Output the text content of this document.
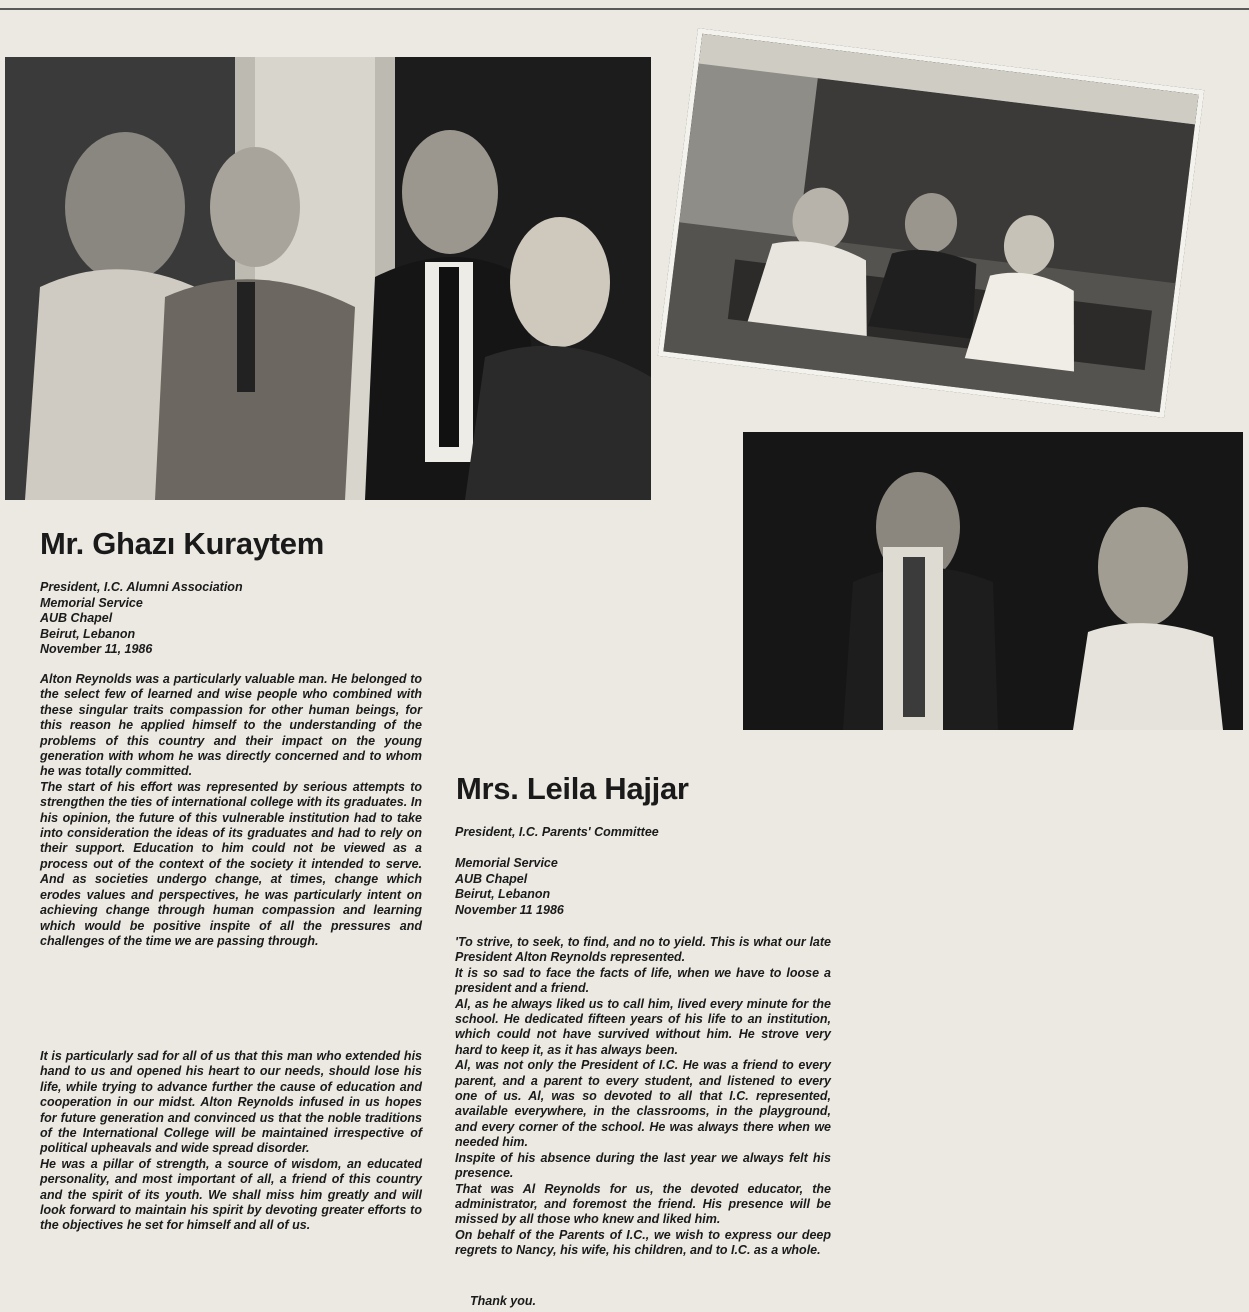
Mr. Ghazı Kuraytem
President, I.C. Alumni Association
Memorial Service
AUB Chapel
Beirut, Lebanon
November 11, 1986

Alton Reynolds was a particularly valuable man. He belonged to the select few of learned and wise people who combined with these singular traits compassion for other human beings, for this reason he applied himself to the understanding of the problems of this country and their impact on the young generation with whom he was directly concerned and to whom he was totally committed.

The start of his effort was represented by serious attempts to strengthen the ties of international college with its graduates. In his opinion, the future of this vulnerable institution had to take into consideration the ideas of its graduates and had to rely on their support. Education to him could not be viewed as a process out of the context of the society it intended to serve. And as societies undergo change, at times, change which erodes values and perspectives, he was particularly intent on achieving change through human compassion and learning which would be positive inspite of all the pressures and challenges of the time we are passing through.

It is particularly sad for all of us that this man who extended his hand to us and opened his heart to our needs, should lose his life, while trying to advance further the cause of education and cooperation in our midst. Alton Reynolds infused in us hopes for future generation and convinced us that the noble traditions of the International College will be maintained irrespective of political upheavals and wide spread disorder.

He was a pillar of strength, a source of wisdom, an educated personality, and most important of all, a friend of this country and the spirit of its youth. We shall miss him greatly and will look forward to maintain his spirit by devoting greater efforts to the objectives he set for himself and all of us.

Mrs. Leila Hajjar
President, I.C. Parents' Committee
Memorial Service
AUB Chapel
Beirut, Lebanon
November 11 1986

'To strive, to seek, to find, and no to yield. This is what our late President Alton Reynolds represented.

It is so sad to face the facts of life, when we have to loose a president and a friend.

Al, as he always liked us to call him, lived every minute for the school. He dedicated fifteen years of his life to an institution, which could not have survived without him. He strove very hard to keep it, as it has always been.

Al, was not only the President of I.C. He was a friend to every parent, and a parent to every student, and listened to every one of us. Al, was so devoted to all that I.C. represented, available everywhere, in the classrooms, in the playground, and every corner of the school. He was always there when we needed him.

Inspite of his absence during the last year we always felt his presence.

That was Al Reynolds for us, the devoted educator, the administrator, and foremost the friend. His presence will be missed by all those who knew and liked him.

On behalf of the Parents of I.C., we wish to express our deep regrets to Nancy, his wife, his children, and to I.C. as a whole.

Thank you.
